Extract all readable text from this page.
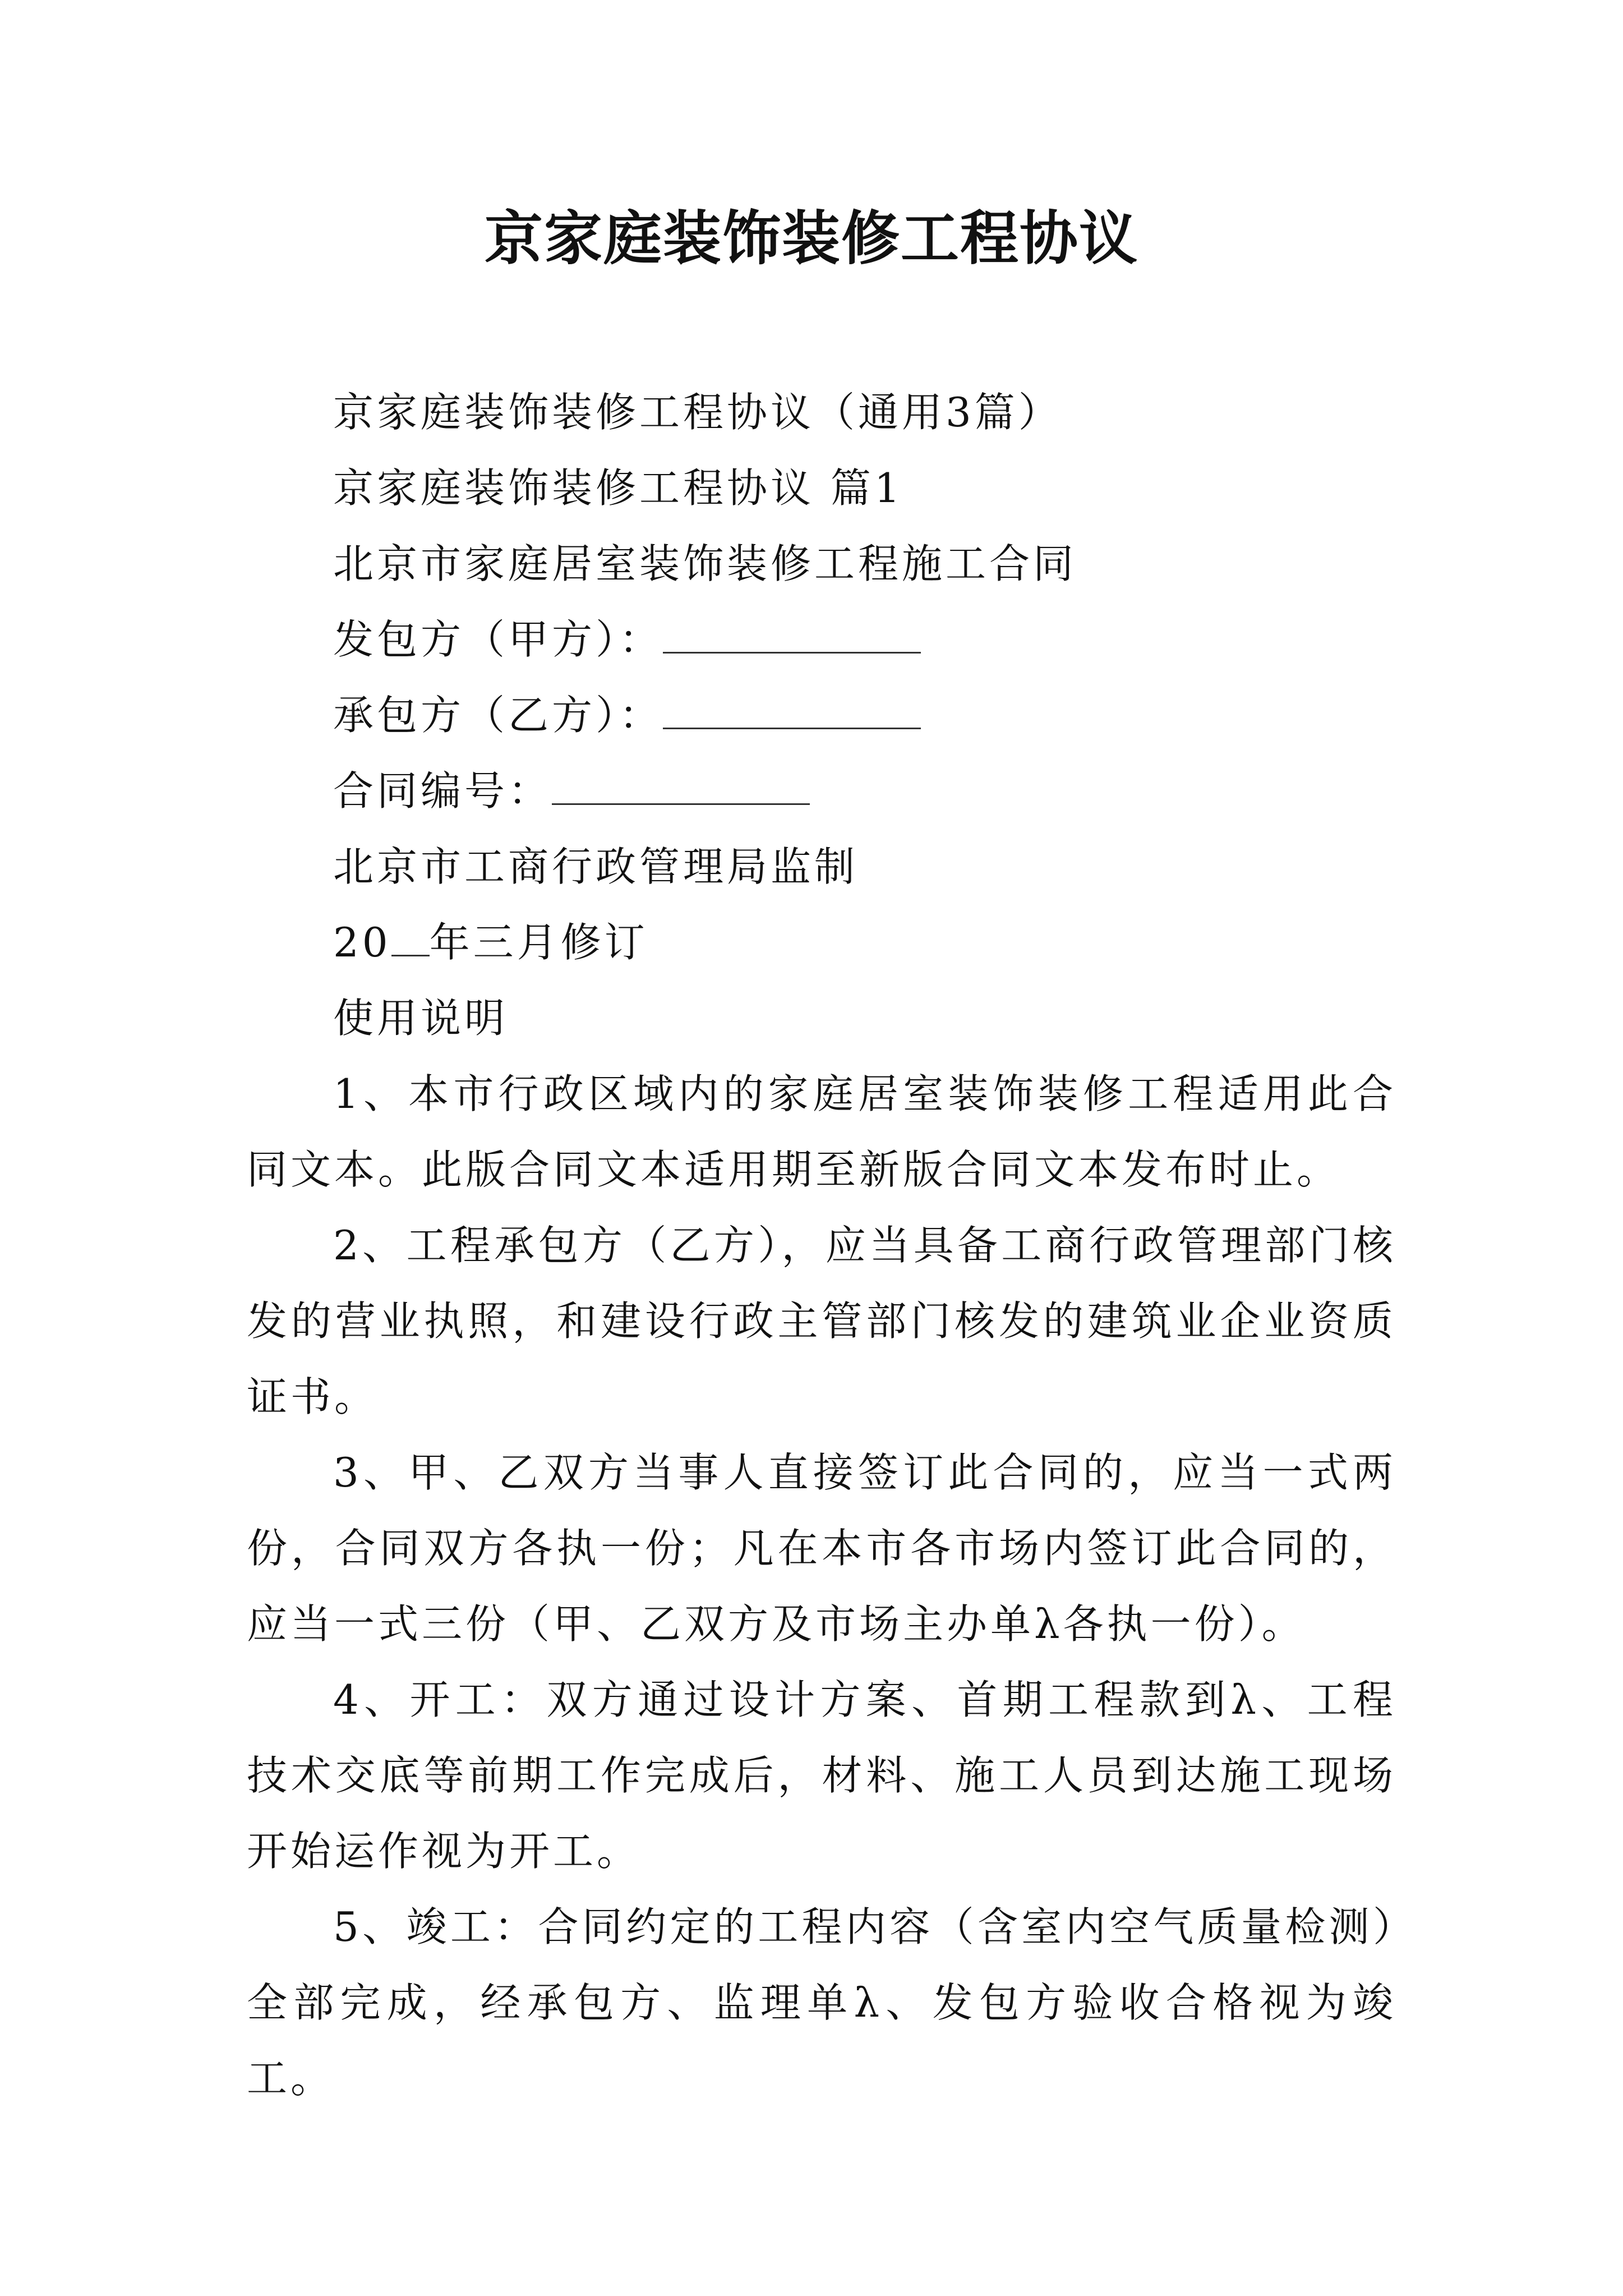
京家庭装饰装修工程协议
京家庭装饰装修工程协议（通用3篇）
京家庭装饰装修工程协议 篇1
北京市家庭居室装饰装修工程施工合同
发包方（甲方）：
承包方（乙方）：
合同编号：
北京市工商行政管理局监制
20 年三月修订
使用说明
1、本市行政区域内的家庭居室装饰装修工程适用此合同文本。此版合同文本适用期至新版合同文本发布时止。
2、工程承包方（乙方），应当具备工商行政管理部门核发的营业执照，和建设行政主管部门核发的建筑业企业资质证书。
3、甲、乙双方当事人直接签订此合同的，应当一式两份，合同双方各执一份；凡在本市各市场内签订此合同的，应当一式三份（甲、乙双方及市场主办单λ各执一份）。
4、开工：双方通过设计方案、首期工程款到λ、工程技术交底等前期工作完成后，材料、施工人员到达施工现场开始运作视为开工。
5、竣工：合同约定的工程内容（含室内空气质量检测）全部完成，经承包方、监理单λ、发包方验收合格视为竣工。
